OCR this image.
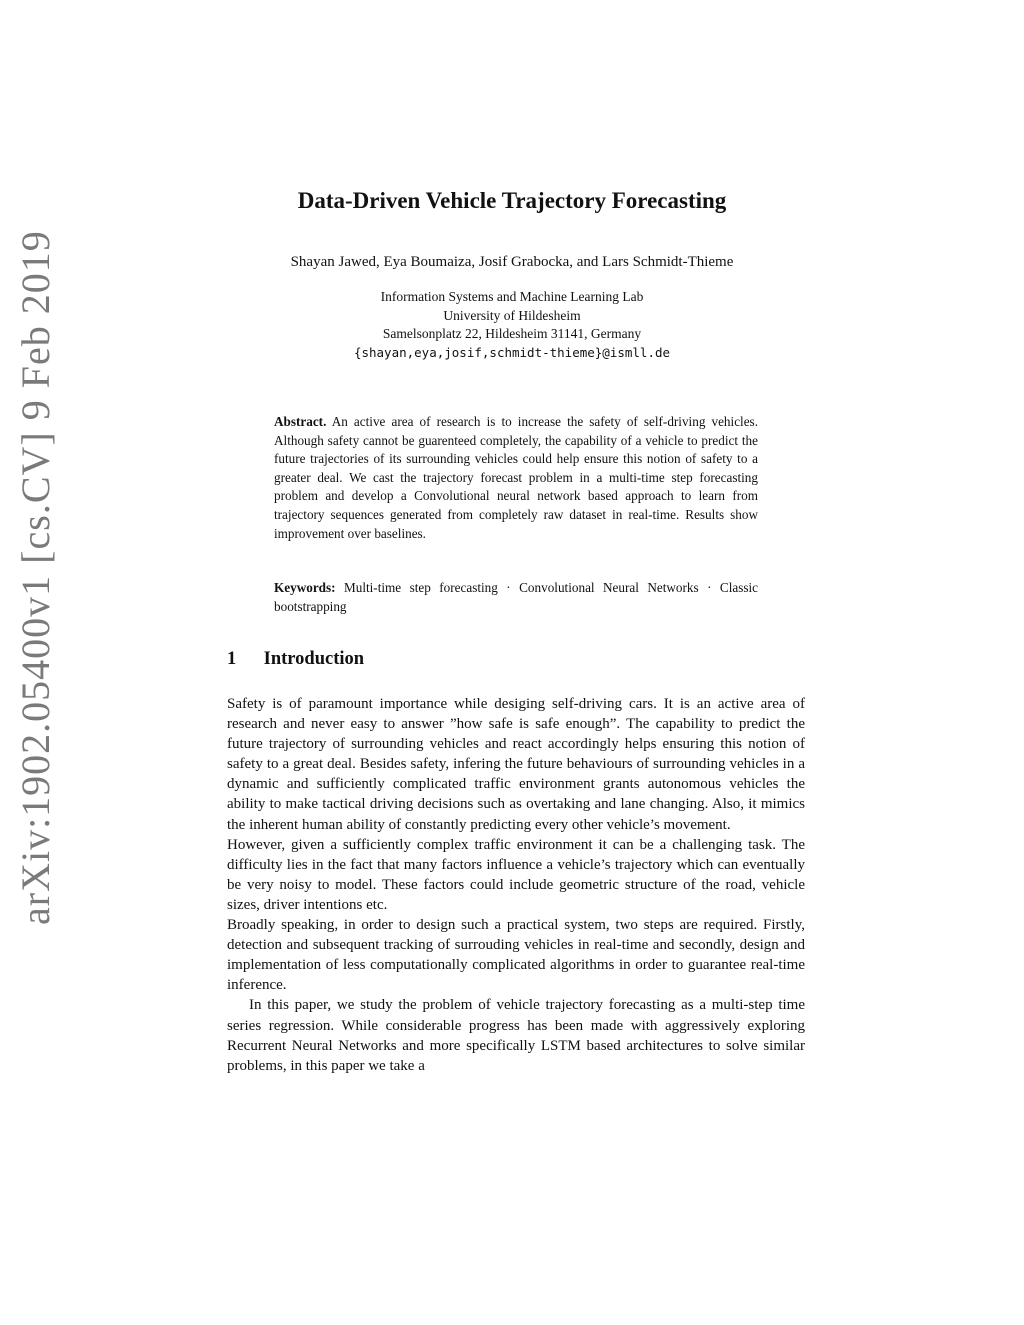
arXiv:1902.05400v1 [cs.CV] 9 Feb 2019
Data-Driven Vehicle Trajectory Forecasting
Shayan Jawed, Eya Boumaiza, Josif Grabocka, and Lars Schmidt-Thieme
Information Systems and Machine Learning Lab
University of Hildesheim
Samelsonplatz 22, Hildesheim 31141, Germany
{shayan,eya,josif,schmidt-thieme}@ismll.de
Abstract. An active area of research is to increase the safety of self-driving vehicles. Although safety cannot be guarenteed completely, the capability of a vehicle to predict the future trajectories of its surrounding vehicles could help ensure this notion of safety to a greater deal. We cast the trajectory forecast problem in a multi-time step forecasting problem and develop a Convolutional neural network based approach to learn from trajectory sequences generated from completely raw dataset in real-time. Results show improvement over baselines.
Keywords: Multi-time step forecasting · Convolutional Neural Networks · Classic bootstrapping
1 Introduction

Safety is of paramount importance while desiging self-driving cars. It is an active area of research and never easy to answer ”how safe is safe enough”. The capability to predict the future trajectory of surrounding vehicles and react accordingly helps ensuring this notion of safety to a great deal. Besides safety, infering the future behaviours of surrounding vehicles in a dynamic and sufficiently complicated traffic environment grants autonomous vehicles the ability to make tactical driving decisions such as overtaking and lane changing. Also, it mimics the inherent human ability of constantly predicting every other vehicle’s movement.

However, given a sufficiently complex traffic environment it can be a challenging task. The difficulty lies in the fact that many factors influence a vehicle’s trajectory which can eventually be very noisy to model. These factors could include geometric structure of the road, vehicle sizes, driver intentions etc.

Broadly speaking, in order to design such a practical system, two steps are required. Firstly, detection and subsequent tracking of surrouding vehicles in real-time and secondly, design and implementation of less computationally complicated algorithms in order to guarantee real-time inference.

In this paper, we study the problem of vehicle trajectory forecasting as a multi-step time series regression. While considerable progress has been made with aggressively exploring Recurrent Neural Networks and more specifically LSTM based architectures to solve similar problems, in this paper we take a
